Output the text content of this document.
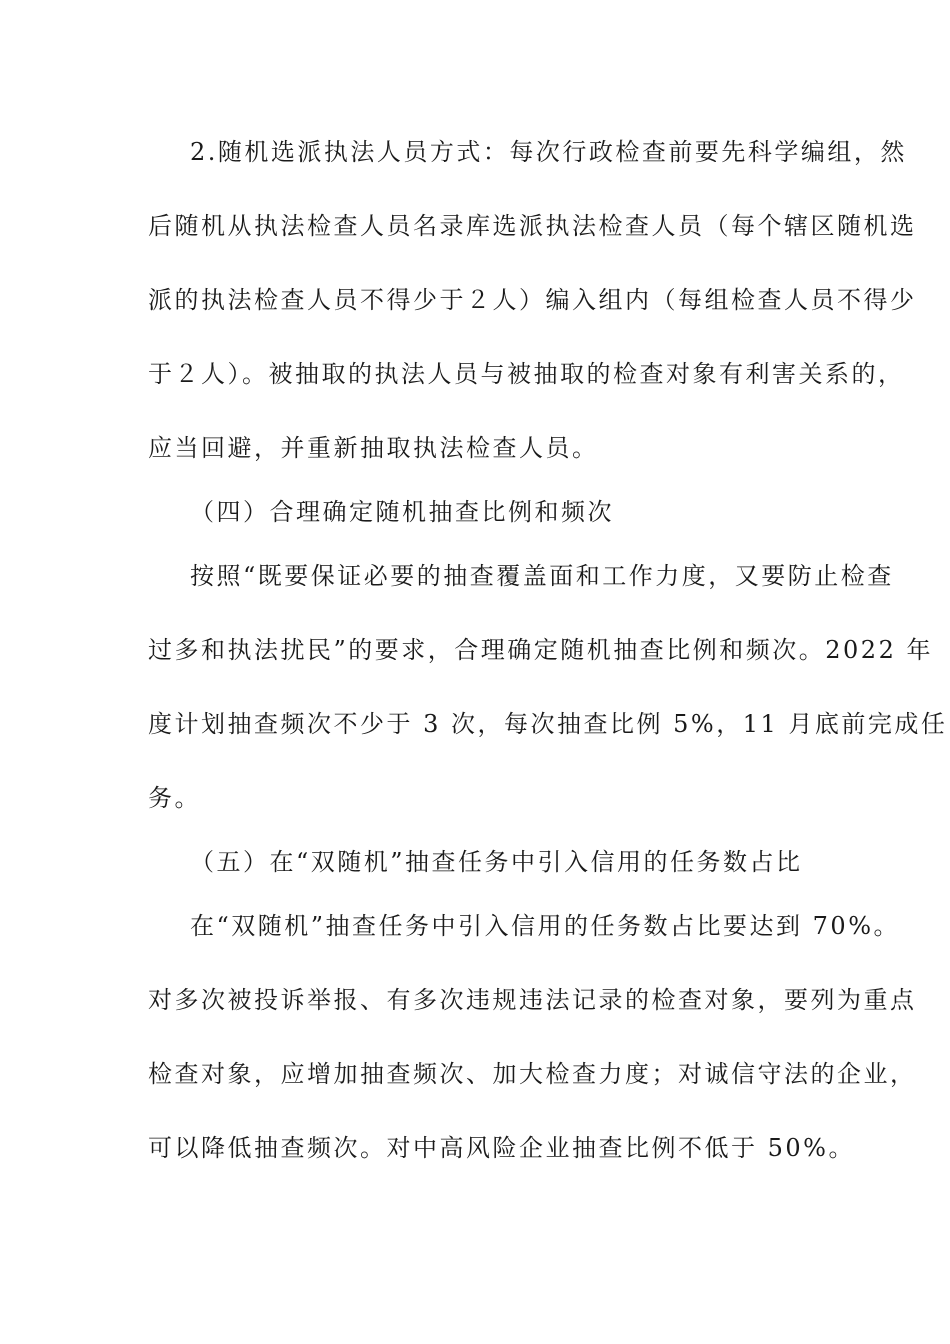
2.随机选派执法人员方式：每次行政检查前要先科学编组，然
后随机从执法检查人员名录库选派执法检查人员（每个辖区随机选
派的执法检查人员不得少于２人）编入组内（每组检查人员不得少
于２人）。被抽取的执法人员与被抽取的检查对象有利害关系的，
应当回避，并重新抽取执法检查人员。
（四）合理确定随机抽查比例和频次
按照“既要保证必要的抽查覆盖面和工作力度，又要防止检查
过多和执法扰民”的要求，合理确定随机抽查比例和频次。2022 年
度计划抽查频次不少于 3 次，每次抽查比例 5%，11 月底前完成任
务。
（五）在“双随机”抽查任务中引入信用的任务数占比
在“双随机”抽查任务中引入信用的任务数占比要达到 70%。
对多次被投诉举报、有多次违规违法记录的检查对象，要列为重点
检查对象，应增加抽查频次、加大检查力度；对诚信守法的企业，
可以降低抽查频次。对中高风险企业抽查比例不低于 50%。
